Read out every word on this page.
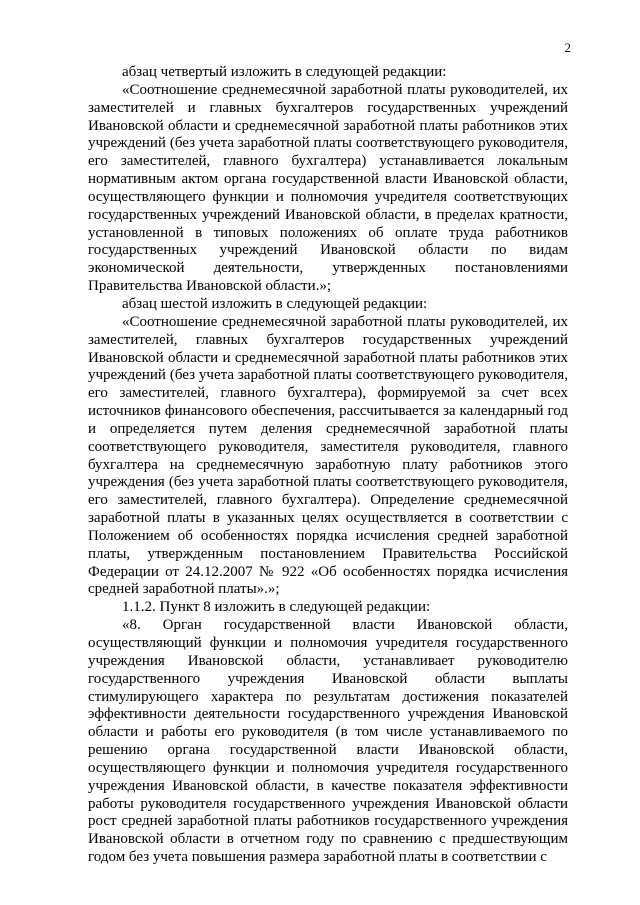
2

абзац четвертый изложить в следующей редакции:

«Соотношение среднемесячной заработной платы руководителей, их заместителей и главных бухгалтеров государственных учреждений Ивановской области и среднемесячной заработной платы работников этих учреждений (без учета заработной платы соответствующего руководителя, его заместителей, главного бухгалтера) устанавливается локальным нормативным актом органа государственной власти Ивановской области, осуществляющего функции и полномочия учредителя соответствующих государственных учреждений Ивановской области, в пределах кратности, установленной в типовых положениях об оплате труда работников государственных учреждений Ивановской области по видам экономической деятельности, утвержденных постановлениями Правительства Ивановской области.»;

абзац шестой изложить в следующей редакции:

«Соотношение среднемесячной заработной платы руководителей, их заместителей, главных бухгалтеров государственных учреждений Ивановской области и среднемесячной заработной платы работников этих учреждений (без учета заработной платы соответствующего руководителя, его заместителей, главного бухгалтера), формируемой за счет всех источников финансового обеспечения, рассчитывается за календарный год и определяется путем деления среднемесячной заработной платы соответствующего руководителя, заместителя руководителя, главного бухгалтера на среднемесячную заработную плату работников этого учреждения (без учета заработной платы соответствующего руководителя, его заместителей, главного бухгалтера). Определение среднемесячной заработной платы в указанных целях осуществляется в соответствии с Положением об особенностях порядка исчисления средней заработной платы, утвержденным постановлением Правительства Российской Федерации от 24.12.2007 № 922 «Об особенностях порядка исчисления средней заработной платы».»;

1.1.2. Пункт 8 изложить в следующей редакции:

«8. Орган государственной власти Ивановской области, осуществляющий функции и полномочия учредителя государственного учреждения Ивановской области, устанавливает руководителю государственного учреждения Ивановской области выплаты стимулирующего характера по результатам достижения показателей эффективности деятельности государственного учреждения Ивановской области и работы его руководителя (в том числе устанавливаемого по решению органа государственной власти Ивановской области, осуществляющего функции и полномочия учредителя государственного учреждения Ивановской области, в качестве показателя эффективности работы руководителя государственного учреждения Ивановской области рост средней заработной платы работников государственного учреждения Ивановской области в отчетном году по сравнению с предшествующим годом без учета повышения размера заработной платы в соответствии с
